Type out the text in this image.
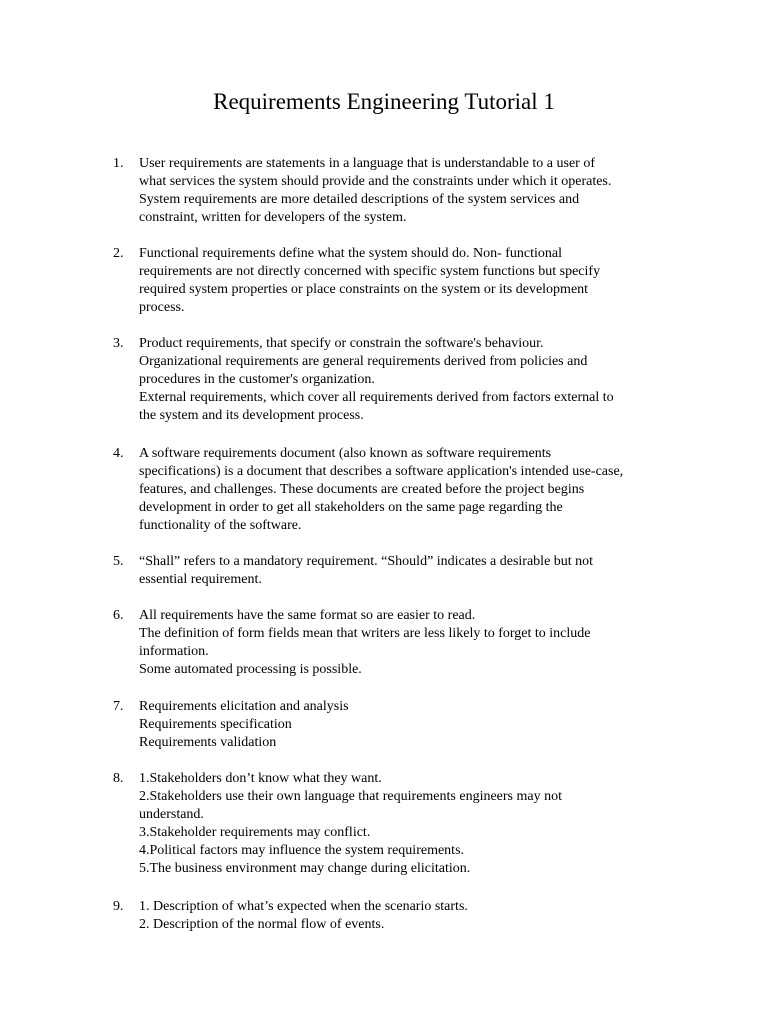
Requirements Engineering Tutorial 1
1. User requirements are statements in a language that is understandable to a user of
what services the system should provide and the constraints under which it operates.
System requirements are more detailed descriptions of the system services and
constraint, written for developers of the system.
2. Functional requirements define what the system should do. Non- functional
requirements are not directly concerned with specific system functions but specify
required system properties or place constraints on the system or its development
process.
3. Product requirements, that specify or constrain the software's behaviour.
Organizational requirements are general requirements derived from policies and
procedures in the customer's organization.
External requirements, which cover all requirements derived from factors external to
the system and its development process.
4. A software requirements document (also known as software requirements
specifications) is a document that describes a software application's intended use-case,
features, and challenges. These documents are created before the project begins
development in order to get all stakeholders on the same page regarding the
functionality of the software.
5. “Shall” refers to a mandatory requirement. “Should” indicates a desirable but not
essential requirement.
6. All requirements have the same format so are easier to read.
The definition of form fields mean that writers are less likely to forget to include
information.
Some automated processing is possible.
7. Requirements elicitation and analysis
Requirements specification
Requirements validation
8. 1.Stakeholders don’t know what they want.
2.Stakeholders use their own language that requirements engineers may not
understand.
3.Stakeholder requirements may conflict.
4.Political factors may influence the system requirements.
5.The business environment may change during elicitation.
9. 1. Description of what’s expected when the scenario starts.
2. Description of the normal flow of events.
